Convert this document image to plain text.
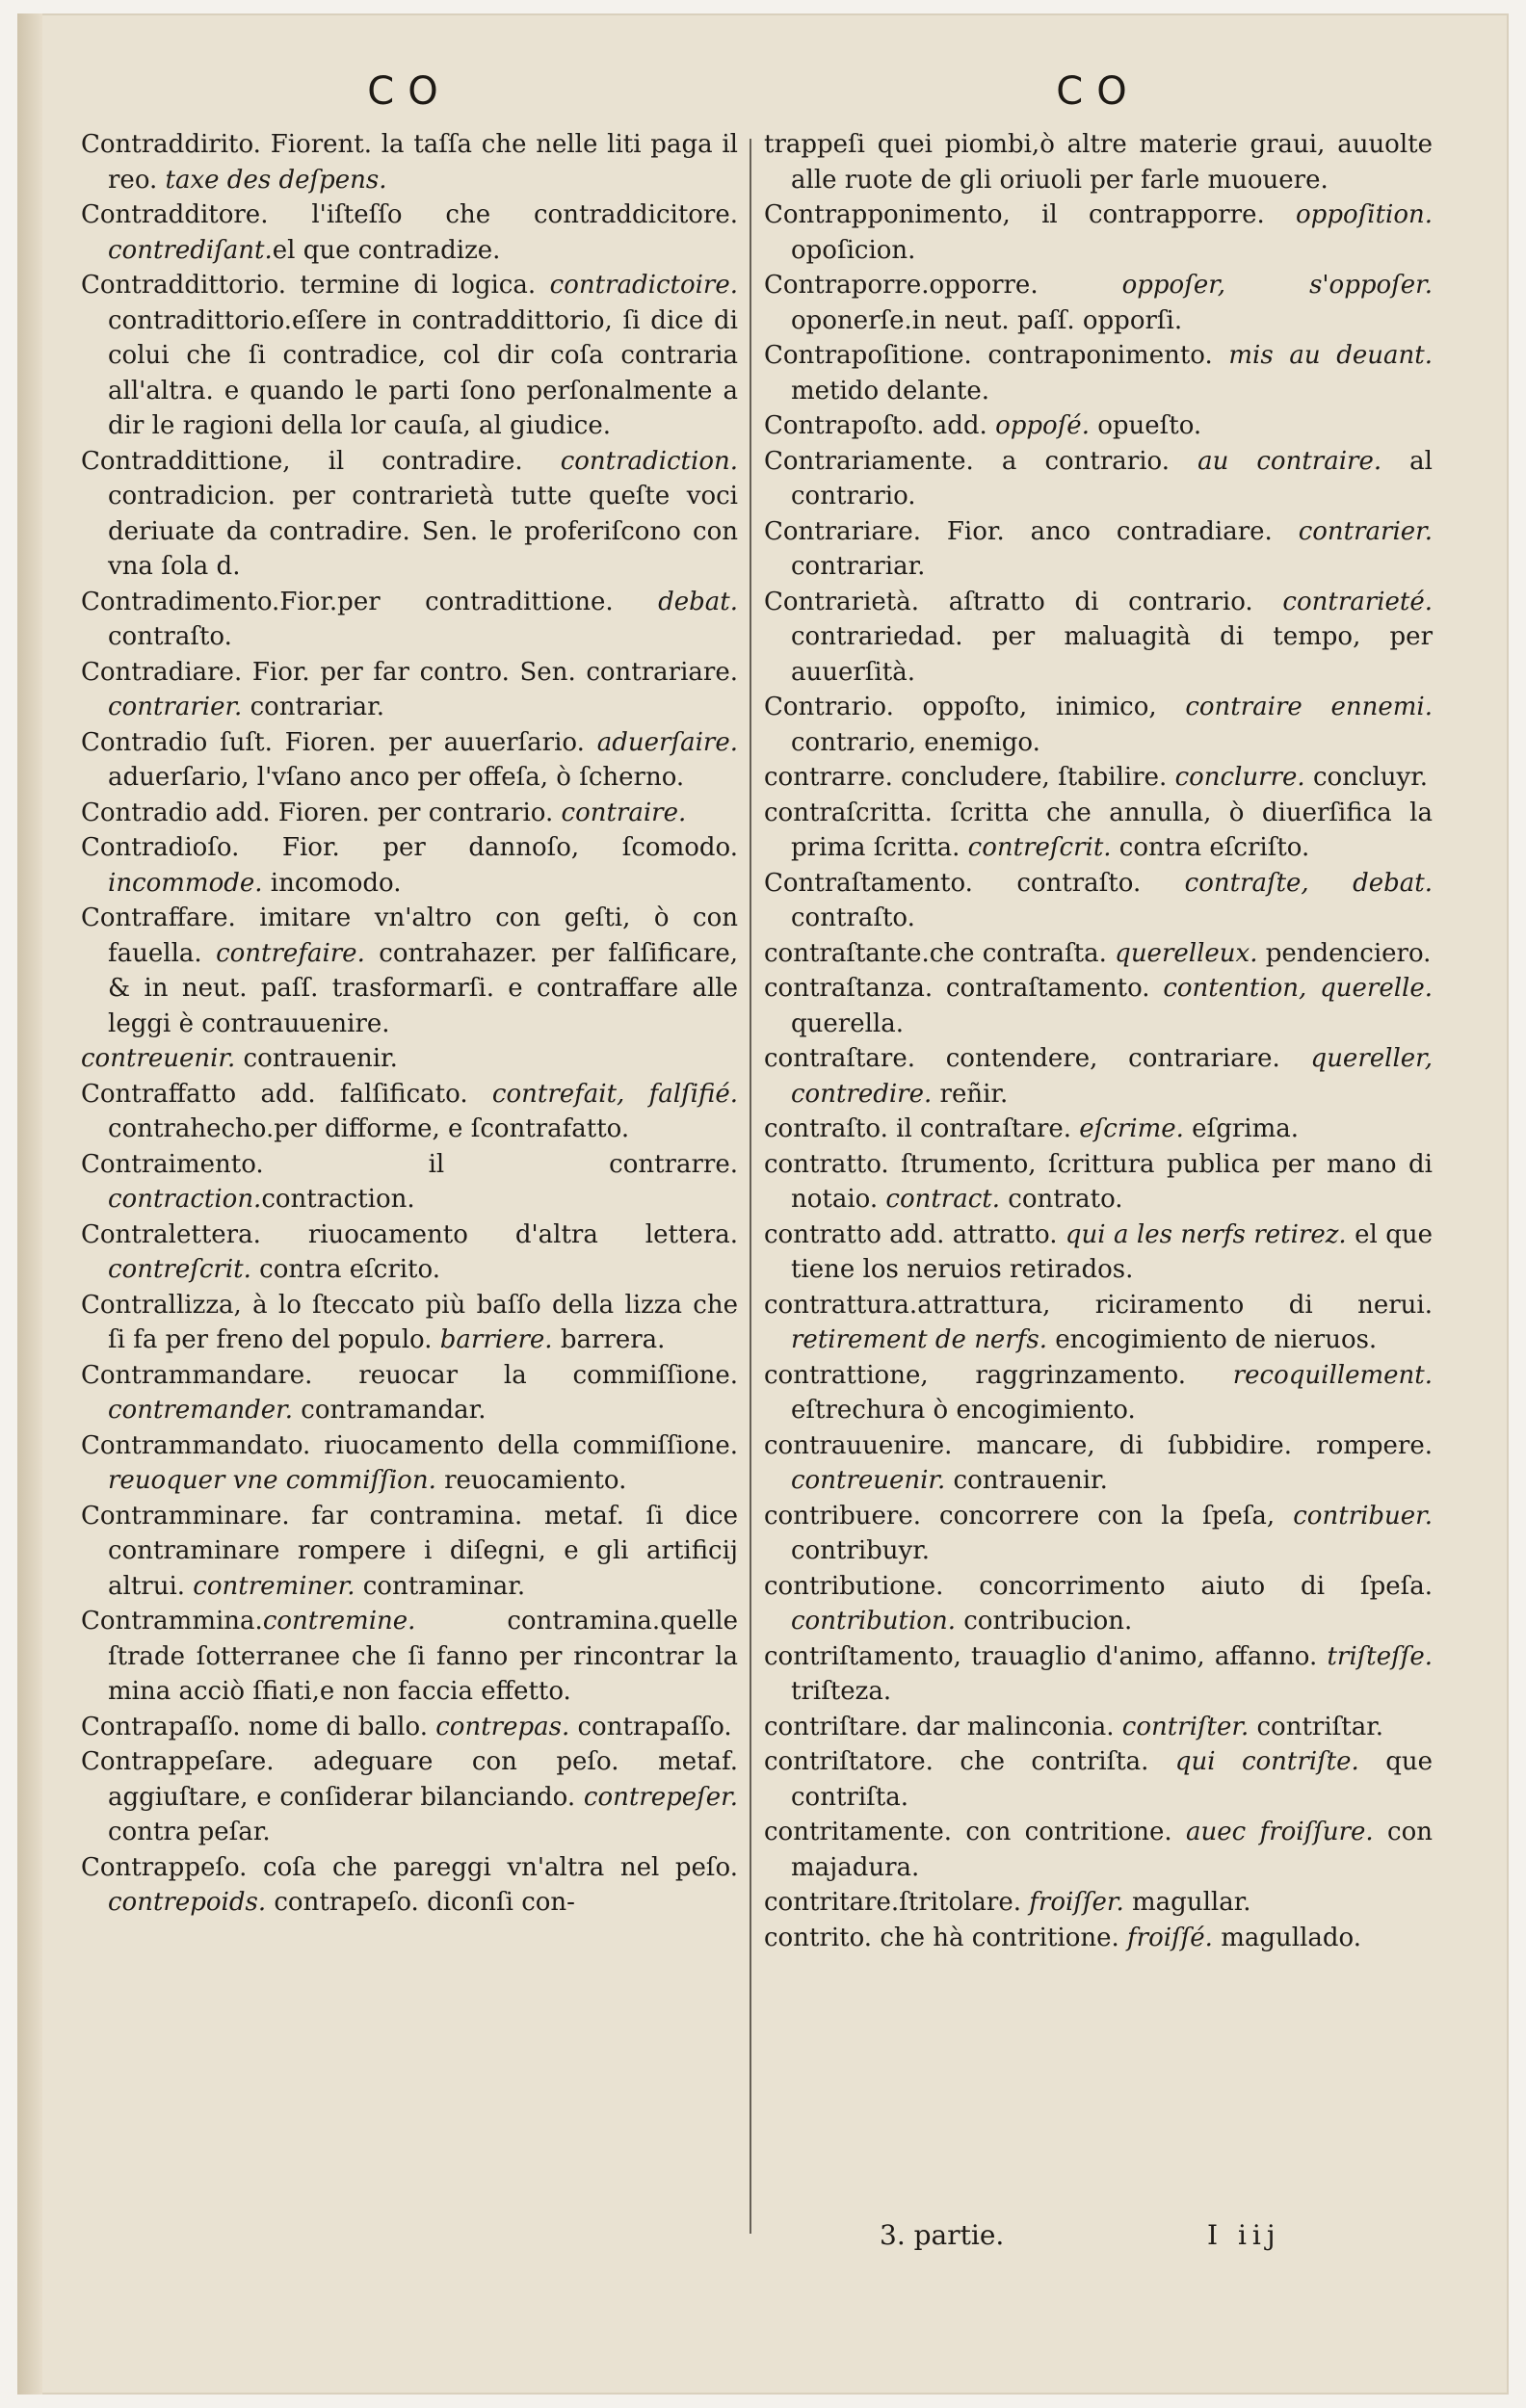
CO

Contraddirito. Fiorent. la taſſa che nelle liti paga il reo. taxe des deſpens.

Contradditore. l'iſteſſo che contraddicitore. contrediſant.el que contradize.

Contraddittorio. termine di logica. contradictoire. contradittorio.eſſere in contraddittorio, ſi dice di colui che ſi contradice, col dir coſa contraria all'altra. e quando le parti ſono perſonalmente a dir le ragioni della lor cauſa, al giudice.

Contraddittione, il contradire. contradiction. contradicion. per contrarietà tutte queſte voci deriuate da contradire. Sen. le proferiſcono con vna ſola d.

Contradimento.Fior.per contradittione. debat. contraſto.

Contradiare. Fior. per far contro. Sen. contrariare. contrarier. contrariar.

Contradio ſuſt. Fioren. per auuerſario. aduerſaire. aduerſario, l'vſano anco per offeſa, ò ſcherno.

Contradio add. Fioren. per contrario. contraire.

Contradioſo. Fior. per dannoſo, ſcomodo. incommode. incomodo.

Contraffare. imitare vn'altro con geſti, ò con fauella. contrefaire. contrahazer. per falſificare, & in neut. paſſ. trasformarſi. e contraffare alle leggi è contrauuenire.

contreuenir. contrauenir.

Contraffatto add. falſificato. contrefait, falſifié. contrahecho.per difforme, e ſcontrafatto.

Contraimento. il contrarre. contraction.contraction.

Contralettera. riuocamento d'altra lettera. contreſcrit. contra eſcrito.

Contrallizza, à lo ſteccato più baſſo della lizza che ſi fa per freno del populo. barriere. barrera.

Contrammandare. reuocar la commiſſione. contremander. contramandar.

Contrammandato. riuocamento della commiſſione. reuoquer vne commiſſion. reuocamiento.

Contramminare. far contramina. metaf. ſi dice contraminare rompere i diſegni, e gli artificij altrui. contreminer. contraminar.

Contrammina.contremine. contramina.quelle ſtrade ſotterranee che ſi fanno per rincontrar la mina acciò ſfiati,e non faccia effetto.

Contrapaſſo. nome di ballo. contrepas. contrapaſſo.

Contrappeſare. adeguare con peſo. metaf. aggiuſtare, e conſiderar bilanciando. contrepeſer. contra peſar.

Contrappeſo. coſa che pareggi vn'altra nel peſo. contrepoids. contrapeſo. diconſi con-

CO

trappeſi quei piombi,ò altre materie graui, auuolte alle ruote de gli oriuoli per farle muouere.

Contrapponimento, il contrapporre. oppoſition. opoſicion.

Contraporre.opporre. oppoſer, s'oppoſer. oponerſe.in neut. paſſ. opporſi.

Contrapoſitione. contraponimento. mis au deuant. metido delante.

Contrapoſto. add. oppoſé. opueſto.

Contrariamente. a contrario. au contraire. al contrario.

Contrariare. Fior. anco contradiare. contrarier. contrariar.

Contrarietà. aſtratto di contrario. contrarieté. contrariedad. per maluagità di tempo, per auuerſità.

Contrario. oppoſto, inimico, contraire ennemi. contrario, enemigo.

contrarre. concludere, ſtabilire. conclurre. concluyr.

contraſcritta. ſcritta che annulla, ò diuerſifica la prima ſcritta. contreſcrit. contra eſcriſto.

Contraſtamento. contraſto. contraſte, debat. contraſto.

contraſtante.che contraſta. querelleux. pendenciero.

contraſtanza. contraſtamento. contention, querelle. querella.

contraſtare. contendere, contrariare. quereller, contredire. reñir.

contraſto. il contraſtare. eſcrime. eſgrima.

contratto. ſtrumento, ſcrittura publica per mano di notaio. contract. contrato.

contratto add. attratto. qui a les nerfs retirez. el que tiene los neruios retirados.

contrattura.attrattura, riciramento di nerui. retirement de nerfs. encogimiento de nieruos.

contrattione, raggrinzamento. recoquillement. eſtrechura ò encogimiento.

contrauuenire. mancare, di ſubbidire. rompere. contreuenir. contrauenir.

contribuere. concorrere con la ſpeſa, contribuer. contribuyr.

contributione. concorrimento aiuto di ſpeſa. contribution. contribucion.

contriſtamento, trauaglio d'animo, affanno. triſteſſe. triſteza.

contriſtare. dar malinconia. contriſter. contriſtar.

contriſtatore. che contriſta. qui contriſte. que contriſta.

contritamente. con contritione. auec froiſſure. con majadura.

contritare.ſtritolare. froiſſer. magullar.

contrito. che hà contritione. froiſſé. magullado.

3. partie.	I iij
